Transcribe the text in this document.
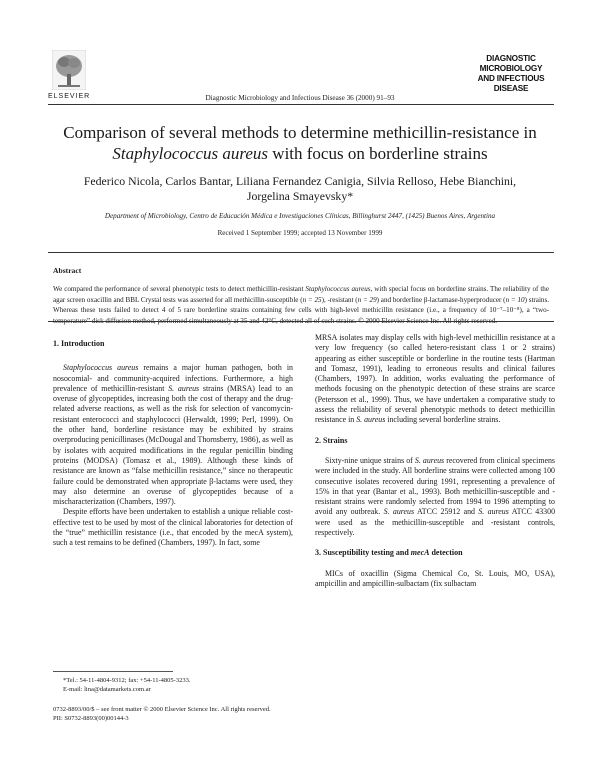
ELSEVIER	Diagnostic Microbiology and Infectious Disease 36 (2000) 91–93
DIAGNOSTIC
MICROBIOLOGY
AND INFECTIOUS
DISEASE
Comparison of several methods to determine methicillin-resistance in
Staphylococcus aureus with focus on borderline strains
Federico Nicola, Carlos Bantar, Liliana Fernandez Canigia, Silvia Relloso, Hebe Bianchini,
Jorgelina Smayevsky*
Department of Microbiology, Centro de Educación Médica e Investigaciones Clínicas, Billinghurst 2447, (1425) Buenos Aires, Argentina
Received 1 September 1999; accepted 13 November 1999
Abstract
We compared the performance of several phenotypic tests to detect methicillin-resistant Staphylococcus aureus, with special focus on borderline strains. The reliability of the agar screen oxacillin and BBL Crystal tests was asserted for all methicillin-susceptible (n = 25), -resistant (n = 29) and borderline β-lactamase-hyperproducer (n = 10) strains. Whereas these tests failed to detect 4 of 5 rare borderline strains containing few cells with high-level methicillin resistance (i.e., a frequency of 10⁻⁷–10⁻⁸), a “two-temperature” disk diffusion method, performed simultaneously at 35 and 42°C, detected all of such strains. © 2000 Elsevier Science Inc. All rights reserved.
1. Introduction

Staphylococcus aureus remains a major human pathogen, both in nosocomial- and community-acquired infections. Furthermore, a high prevalence of methicillin-resistant S. aureus strains (MRSA) lead to an overuse of glycopeptides, increasing both the cost of therapy and the drug-related adverse reactions, as well as the risk for selection of vancomycin-resistant enterococci and staphylococci (Herwaldt, 1999; Perl, 1999). On the other hand, borderline resistance may be exhibited by strains overproducing penicillinases (McDougal and Thornsberry, 1986), as well as by isolates with acquired modifications in the regular penicillin binding proteins (MODSA) (Tomasz et al., 1989). Although these kinds of resistance are known as “false methicillin resistance,” since no therapeutic failure could be demonstrated when appropriate β-lactams were used, they may also determine an overuse of glycopeptides because of a mischaracterization (Chambers, 1997).

Despite efforts have been undertaken to establish a unique reliable cost-effective test to be used by most of the clinical laboratories for detection of the “true” methicillin resistance (i.e., that encoded by the mecA system), such a test remains to be defined (Chambers, 1997). In fact, some

MRSA isolates may display cells with high-level methicillin resistance at a very low frequency (so called hetero-resistant class 1 or 2 strains) appearing as either susceptible or borderline in the routine tests (Hartman and Tomasz, 1991), leading to erroneous results and clinical failures (Chambers, 1997). In addition, works evaluating the performance of methods focusing on the phenotypic detection of these strains are scarce (Petersson et al., 1999). Thus, we have undertaken a comparative study to assess the reliability of several phenotypic methods to detect methicillin resistance in S. aureus including several borderline strains.

2. Strains

Sixty-nine unique strains of S. aureus recovered from clinical specimens were included in the study. All borderline strains were collected among 100 consecutive isolates recovered during 1991, representing a prevalence of 15% in that year (Bantar et al., 1993). Both methicillin-susceptible and -resistant strains were randomly selected from 1994 to 1996 attempting to avoid any outbreak. S. aureus ATCC 25912 and S. aureus ATCC 43300 were used as the methicillin-susceptible and -resistant controls, respectively.

3. Susceptibility testing and mecA detection

MICs of oxacillin (Sigma Chemical Co, St. Louis, MO, USA), ampicillin and ampicillin-sulbactam (fix sulbactam

*Tel.: 54-11-4804-9312; fax: +54-11-4805-3233.
E-mail: lina@datamarkets.com.ar
0732-8893/00/$ – see front matter © 2000 Elsevier Science Inc. All rights reserved.
PII: S0732-8893(00)00144-3
